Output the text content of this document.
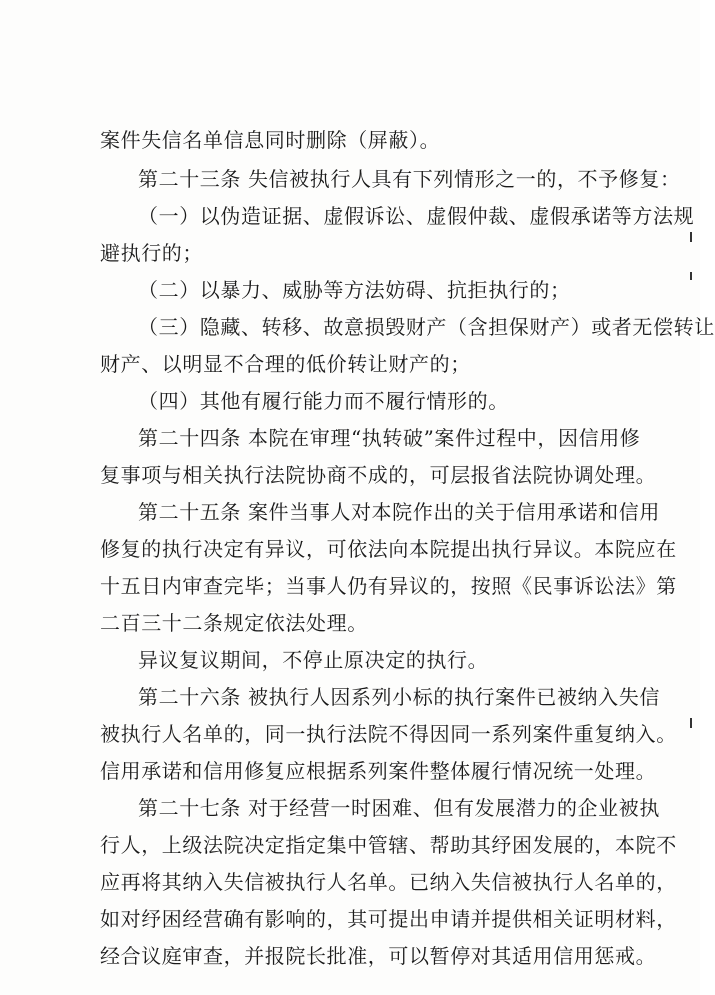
案件失信名单信息同时删除（屏蔽）。
第二十三条 失信被执行人具有下列情形之一的，不予修复：
（一）以伪造证据、虚假诉讼、虚假仲裁、虚假承诺等方法规
避执行的；
（二）以暴力、威胁等方法妨碍、抗拒执行的；
（三）隐藏、转移、故意损毁财产（含担保财产）或者无偿转让
财产、以明显不合理的低价转让财产的；
（四）其他有履行能力而不履行情形的。
第二十四条 本院在审理“执转破”案件过程中，因信用修
复事项与相关执行法院协商不成的，可层报省法院协调处理。
第二十五条 案件当事人对本院作出的关于信用承诺和信用
修复的执行决定有异议，可依法向本院提出执行异议。本院应在
十五日内审查完毕；当事人仍有异议的，按照《民事诉讼法》第
二百三十二条规定依法处理。
异议复议期间，不停止原决定的执行。
第二十六条 被执行人因系列小标的执行案件已被纳入失信
被执行人名单的，同一执行法院不得因同一系列案件重复纳入。
信用承诺和信用修复应根据系列案件整体履行情况统一处理。
第二十七条 对于经营一时困难、但有发展潜力的企业被执
行人，上级法院决定指定集中管辖、帮助其纾困发展的，本院不
应再将其纳入失信被执行人名单。已纳入失信被执行人名单的，
如对纾困经营确有影响的，其可提出申请并提供相关证明材料，
经合议庭审查，并报院长批准，可以暂停对其适用信用惩戒。
